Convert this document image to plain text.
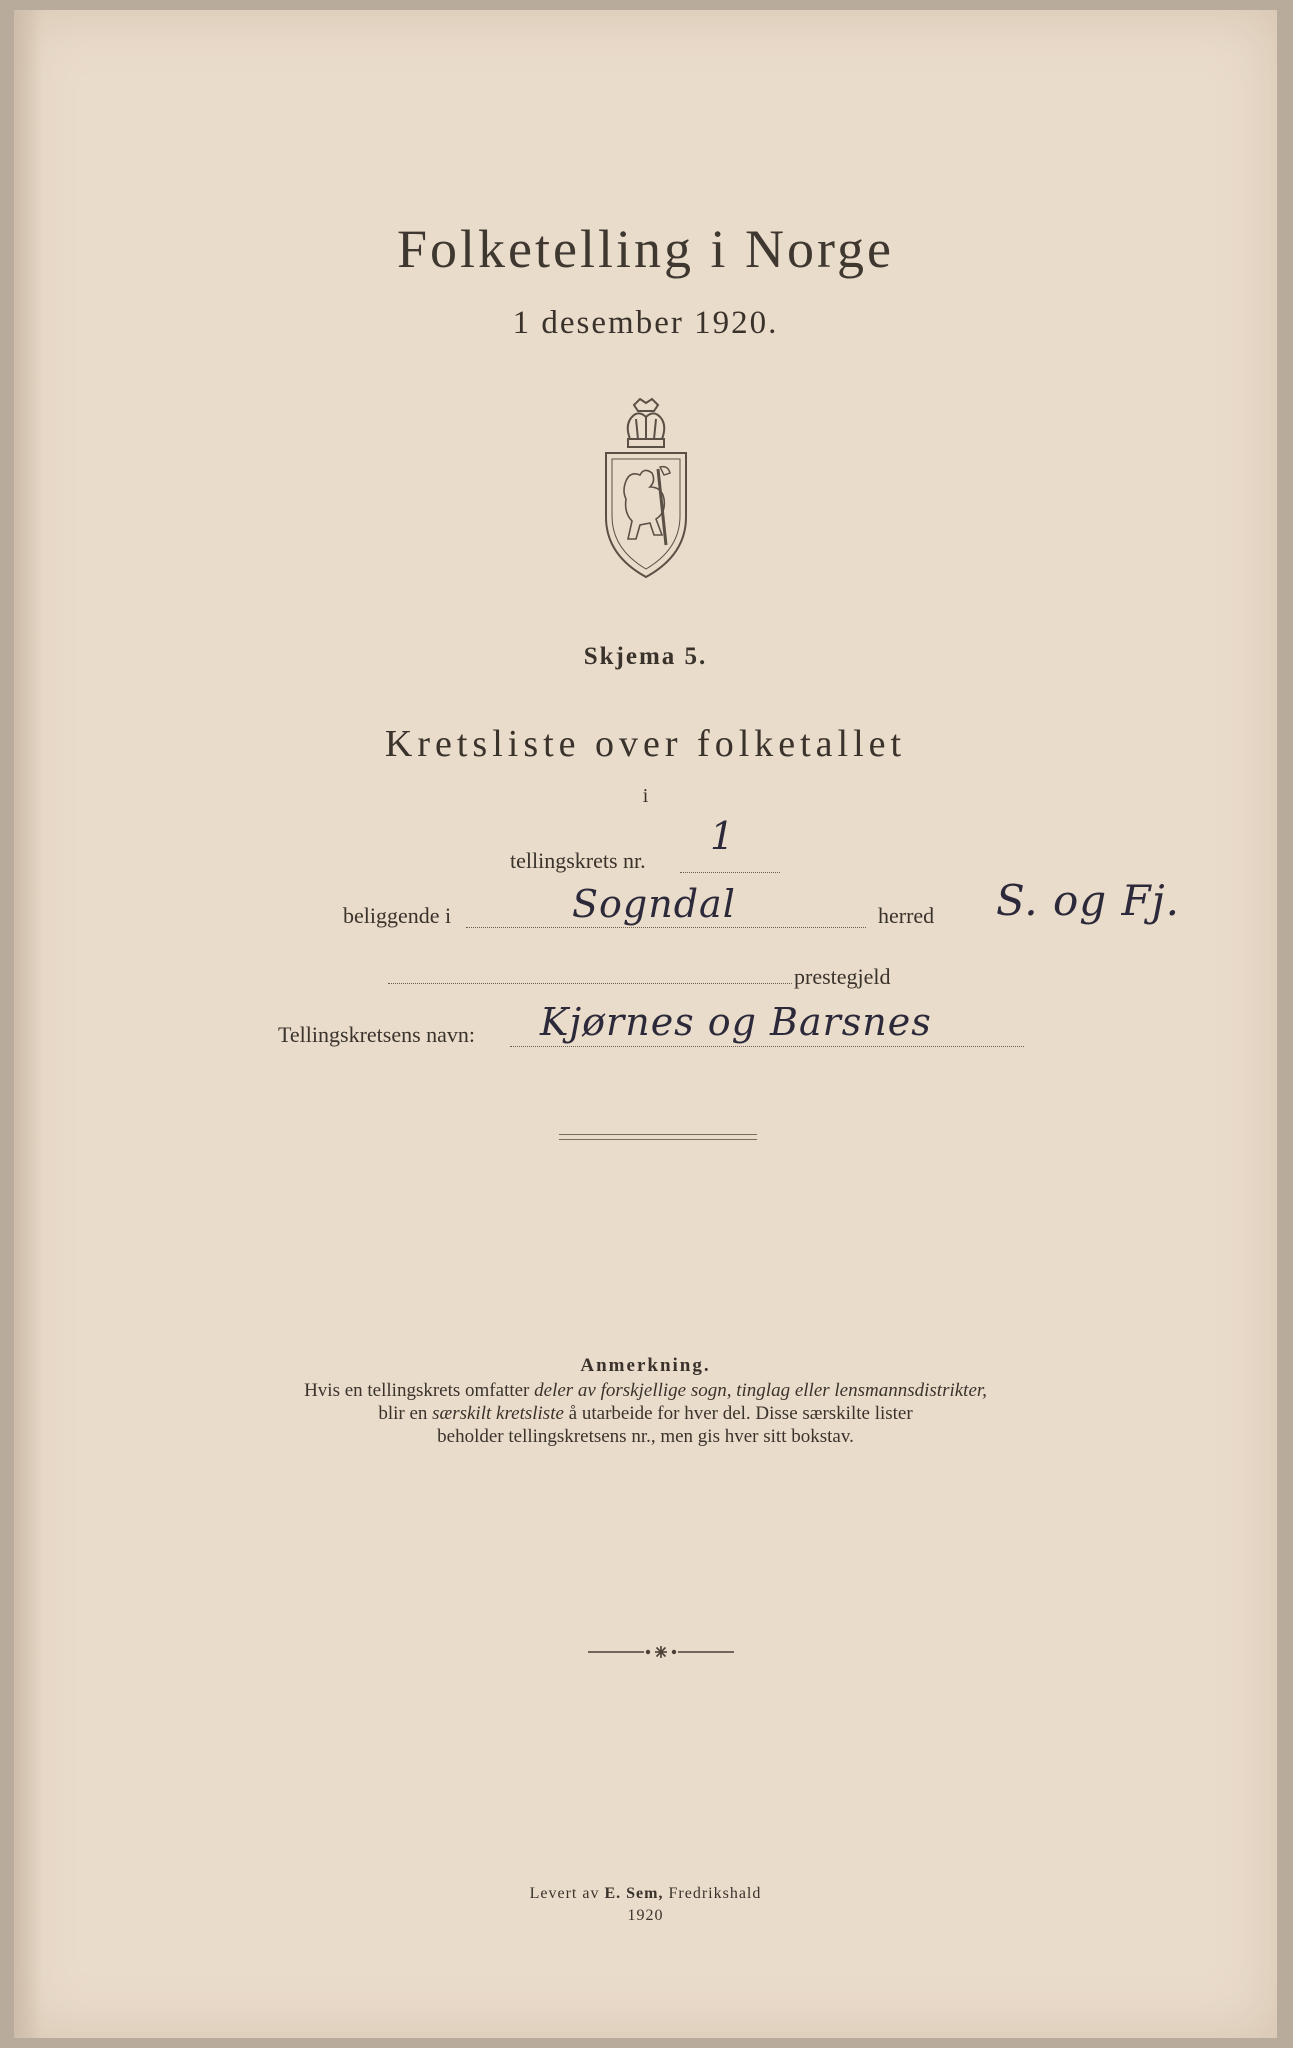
Folketelling i Norge
1 desember 1920.
Skjema 5.
Kretsliste over folketallet
i
tellingskrets nr.
1
beliggende i	Sogndal	herred S. og Fj.
prestegjeld
Tellingskretsens navn: Kjørnes og Barsnes
Anmerkning.
Hvis en tellingskrets omfatter deler av forskjellige sogn, tinglag eller lensmannsdistrikter,
blir en særskilt kretsliste å utarbeide for hver del. Disse særskilte lister
beholder tellingskretsens nr., men gis hver sitt bokstav.
Levert av E. Sem, Fredrikshald
1920
